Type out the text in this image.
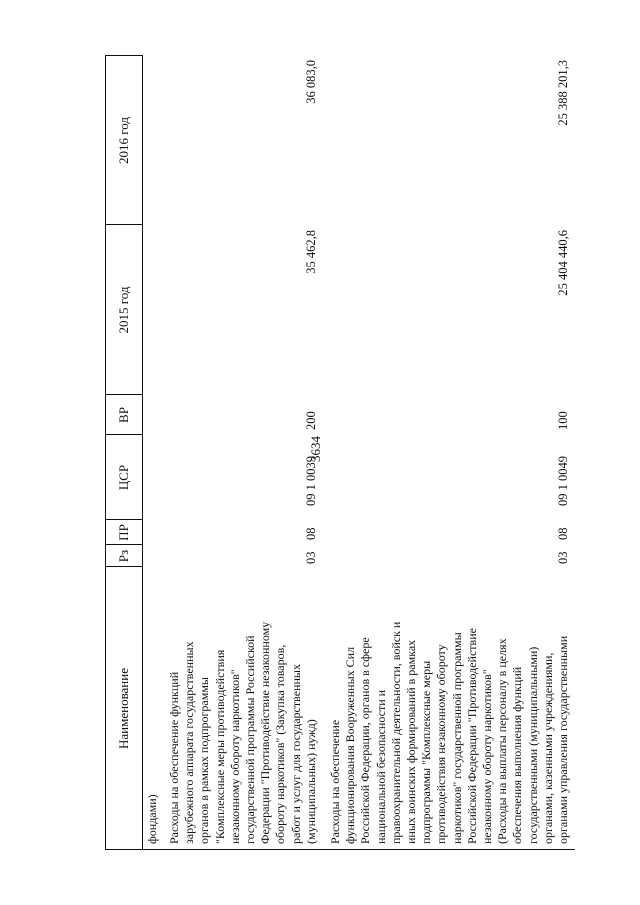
3634
Наименование
Рз
ПР
ЦСР
ВР
2015 год
2016 год
фондами) Расходы на обеспечение функций зарубежного аппарата государственных органов в рамках подпрограммы "Комплексные меры противодействия незаконному обороту наркотиков" государственной программы Российской Федерации "Противодействие незаконному обороту наркотиков" (Закупка товаров, работ и услуг для государственных (муниципальных) нужд)
03
08
09 1 0039
200
35 462,8
36 083,0
Расходы на обеспечение функционирования Вооруженных Сил Российской Федерации, органов в сфере национальной безопасности и правоохранительной деятельности, войск и иных воинских формирований в рамках подпрограммы "Комплексные меры противодействия незаконному обороту наркотиков" государственной программы Российской Федерации "Противодействие незаконному обороту наркотиков" (Расходы на выплаты персоналу в целях обеспечения выполнения функций государственными (муниципальными) органами, казенными учреждениями, органами управления государственными
03
08
09 1 0049
100
25 404 440,6
25 388 201,3
